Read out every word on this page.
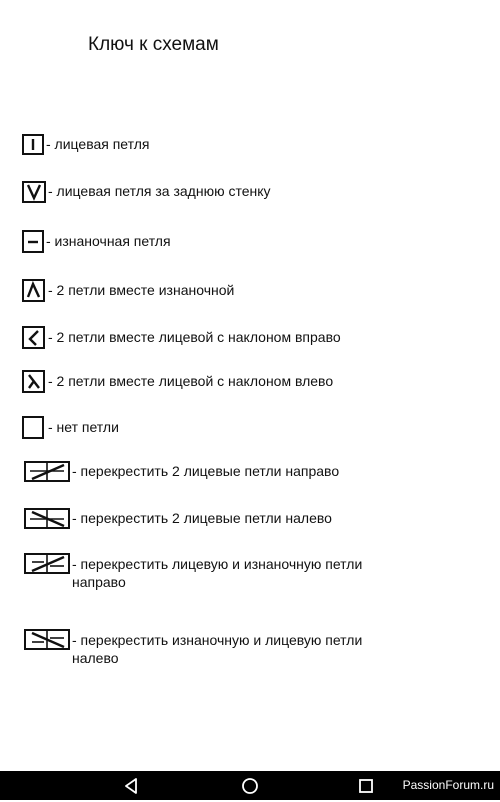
Ключ к схемам
- лицевая петля
- лицевая петля за заднюю стенку
- изнаночная петля
- 2 петли вместе изнаночной
- 2 петли вместе лицевой с наклоном вправо
- 2 петли вместе лицевой с наклоном влево
- нет петли
- перекрестить 2 лицевые петли направо
- перекрестить 2 лицевые петли налево
- перекрестить лицевую и изнаночную петли направо
- перекрестить изнаночную и лицевую петли налево
PassionForum.ru
